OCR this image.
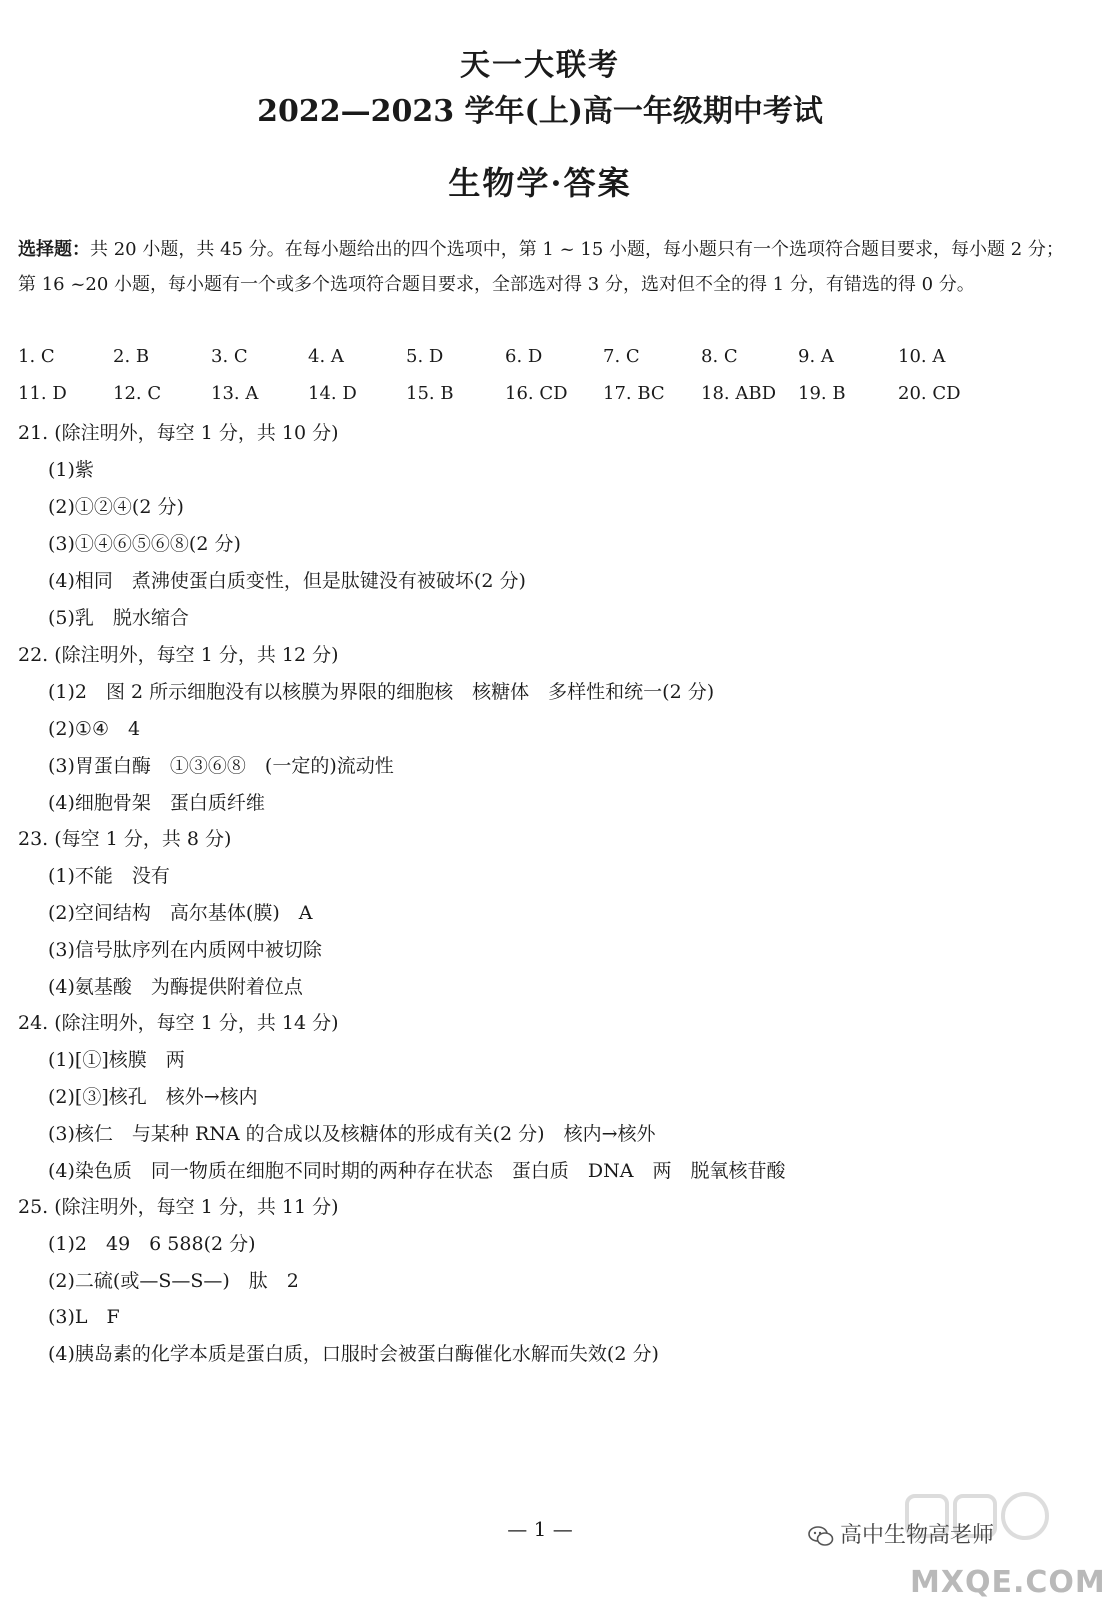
天一大联考
2022—2023 学年(上)高一年级期中考试
生物学·答案
选择题：共 20 小题，共 45 分。在每小题给出的四个选项中，第 1 ~ 15 小题，每小题只有一个选项符合题目要求，每小题 2 分；第 16 ~20 小题，每小题有一个或多个选项符合题目要求，全部选对得 3 分，选对但不全的得 1 分，有错选的得 0 分。
1. C	2. B	3. C	4. A	5. D	6. D	7. C	8. C	9. A	10. A
11. D	12. C	13. A	14. D	15. B	16. CD 17. BC 18. ABD 19. B	20. CD
21. (除注明外，每空 1 分，共 10 分)
(1)紫
(2)①②④(2 分)
(3)①④⑥⑤⑥⑧(2 分)
(4)相同　煮沸使蛋白质变性，但是肽键没有被破坏(2 分)
(5)乳　脱水缩合
22. (除注明外，每空 1 分，共 12 分)
(1)2　图 2 所示细胞没有以核膜为界限的细胞核　核糖体　多样性和统一(2 分)
(2)①④　4
(3)胃蛋白酶　①③⑥⑧　(一定的)流动性
(4)细胞骨架　蛋白质纤维
23. (每空 1 分，共 8 分)
(1)不能　没有
(2)空间结构　高尔基体(膜)　A
(3)信号肽序列在内质网中被切除
(4)氨基酸　为酶提供附着位点
24. (除注明外，每空 1 分，共 14 分)
(1)[①]核膜　两
(2)[③]核孔　核外→核内
(3)核仁　与某种 RNA 的合成以及核糖体的形成有关(2 分)　核内→核外
(4)染色质　同一物质在细胞不同时期的两种存在状态　蛋白质　DNA　两　脱氧核苷酸
25. (除注明外，每空 1 分，共 11 分)
(1)2　49　6 588(2 分)
(2)二硫(或—S—S—)　肽　2
(3)L　F
(4)胰岛素的化学本质是蛋白质，口服时会被蛋白酶催化水解而失效(2 分)
— 1 —	高中生物高老师
MXQE.COM
